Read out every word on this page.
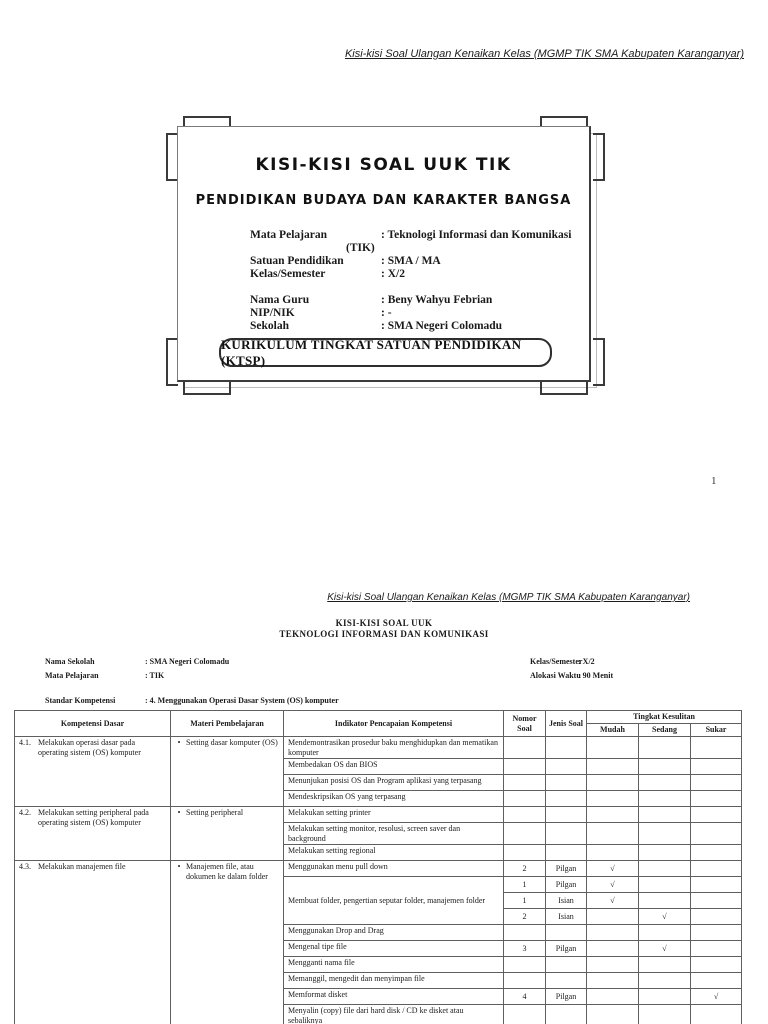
Kisi-kisi Soal Ulangan Kenaikan Kelas (MGMP TIK SMA Kabupaten Karanganyar)
KISI-KISI SOAL UUK TIK
PENDIDIKAN BUDAYA DAN KARAKTER BANGSA
Mata Pelajaran	: Teknologi Informasi dan Komunikasi
(TIK)
Satuan Pendidikan	: SMA / MA
Kelas/Semester	: X/2
Nama Guru	: Beny Wahyu Febrian
NIP/NIK	: -
Sekolah	: SMA Negeri Colomadu
KURIKULUM TINGKAT SATUAN PENDIDIKAN (KTSP)
1
Kisi-kisi Soal Ulangan Kenaikan Kelas (MGMP TIK SMA Kabupaten Karanganyar)
KISI-KISI SOAL UUK
TEKNOLOGI INFORMASI DAN KOMUNIKASI
Nama Sekolah	: SMA Negeri Colomadu
Mata Pelajaran	: TIK
Kelas/Semester
: X/2
Alokasi Waktu
: 90 Menit
Standar Kompetensi	: 4. Menggunakan Operasi Dasar System (OS) komputer
Kompetensi Dasar	Materi Pembelajaran	Indikator Pencapaian Kompetensi	Nomor Soal	Jenis Soal	Tingkat Kesulitan		
					Mudah	Sedang	Sukar

4.1. Melakukan operasi dasar pada operating sistem (OS) komputer	• Setting dasar komputer (OS)	Mendemontrasikan prosedur baku menghidupkan dan mematikan komputer					
		Membedakan OS dan BIOS					
		Menunjukan posisi OS dan Program aplikasi yang terpasang					
		Mendeskripsikan OS yang terpasang					

4.2. Melakukan setting peripheral pada operating sistem (OS) komputer	• Setting peripheral	Melakukan setting printer					
		Melakukan setting monitor, resolusi, screen saver dan background					
		Melakukan setting regional					

4.3. Melakukan manajemen file	• Manajemen file, atau dokumen ke dalam folder	Menggunakan menu pull down	2	Pilgan	√		
		Membuat folder, pengertian seputar folder, manajemen folder	1	Pilgan	√		
			1	Isian	√		
			2	Isian		√	
		Menggunakan Drop and Drag					
		Mengenal tipe file	3	Pilgan		√	
		Mengganti nama file					
		Memanggil, mengedit dan menyimpan file					
		Memformat disket	4	Pilgan			√
		Menyalin (copy) file dari hard disk / CD ke disket atau sebaliknya					
